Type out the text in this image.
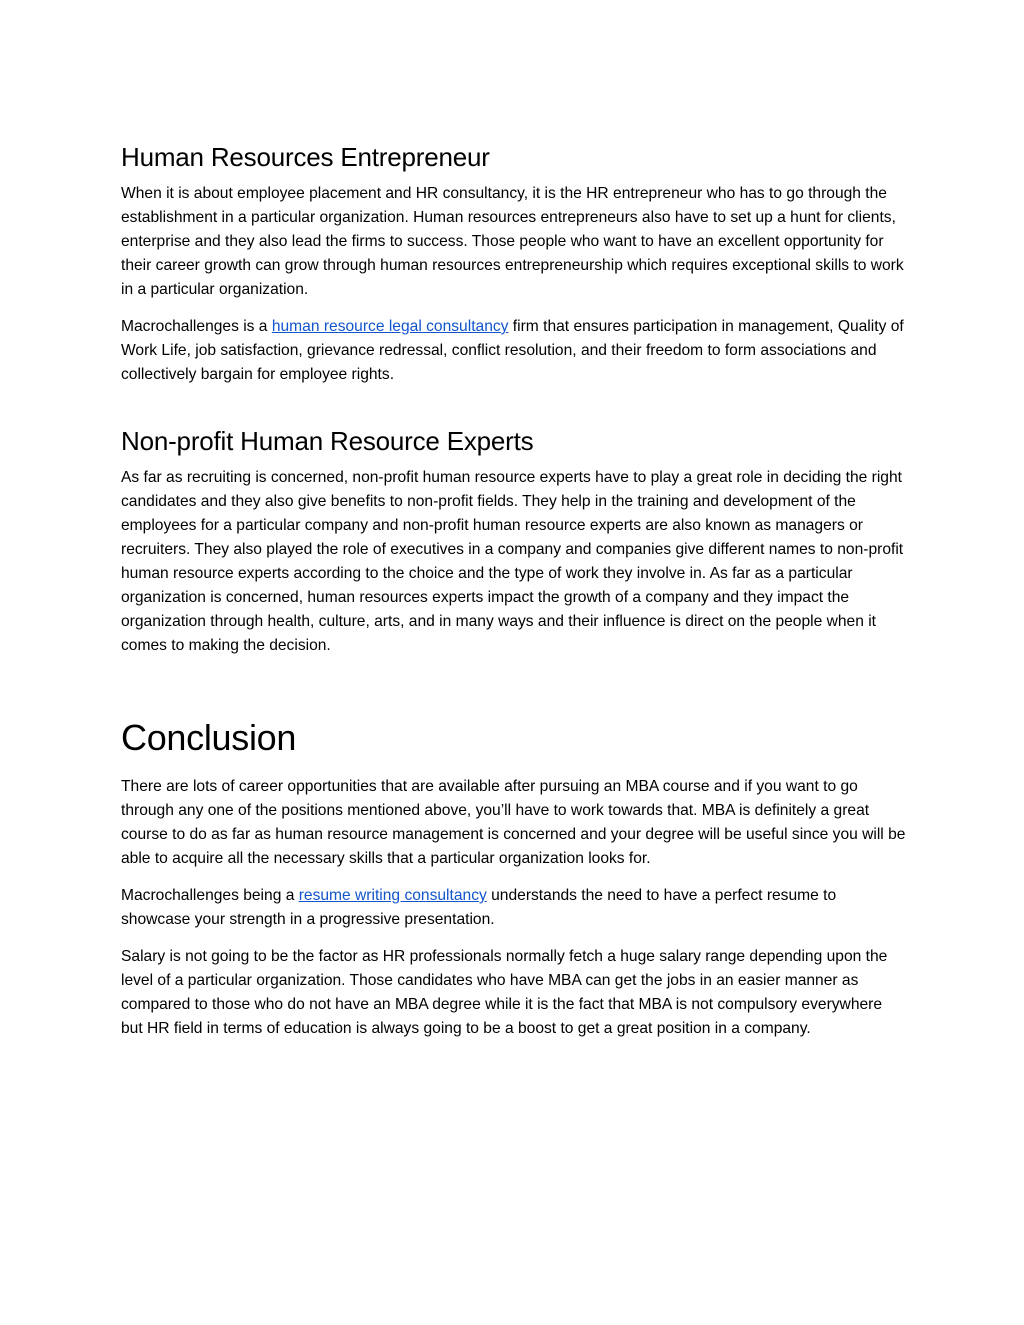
Human Resources Entrepreneur

When it is about employee placement and HR consultancy, it is the HR entrepreneur who has to go through the establishment in a particular organization. Human resources entrepreneurs also have to set up a hunt for clients, enterprise and they also lead the firms to success. Those people who want to have an excellent opportunity for their career growth can grow through human resources entrepreneurship which requires exceptional skills to work in a particular organization.

Macrochallenges is a human resource legal consultancy firm that ensures participation in management, Quality of Work Life, job satisfaction, grievance redressal, conflict resolution, and their freedom to form associations and collectively bargain for employee rights.

Non-profit Human Resource Experts

As far as recruiting is concerned, non-profit human resource experts have to play a great role in deciding the right candidates and they also give benefits to non-profit fields. They help in the training and development of the employees for a particular company and non-profit human resource experts are also known as managers or recruiters. They also played the role of executives in a company and companies give different names to non-profit human resource experts according to the choice and the type of work they involve in. As far as a particular organization is concerned, human resources experts impact the growth of a company and they impact the organization through health, culture, arts, and in many ways and their influence is direct on the people when it comes to making the decision.

Conclusion

There are lots of career opportunities that are available after pursuing an MBA course and if you want to go through any one of the positions mentioned above, you’ll have to work towards that. MBA is definitely a great course to do as far as human resource management is concerned and your degree will be useful since you will be able to acquire all the necessary skills that a particular organization looks for.

Macrochallenges being a resume writing consultancy understands the need to have a perfect resume to showcase your strength in a progressive presentation.

Salary is not going to be the factor as HR professionals normally fetch a huge salary range depending upon the level of a particular organization. Those candidates who have MBA can get the jobs in an easier manner as compared to those who do not have an MBA degree while it is the fact that MBA is not compulsory everywhere but HR field in terms of education is always going to be a boost to get a great position in a company.
